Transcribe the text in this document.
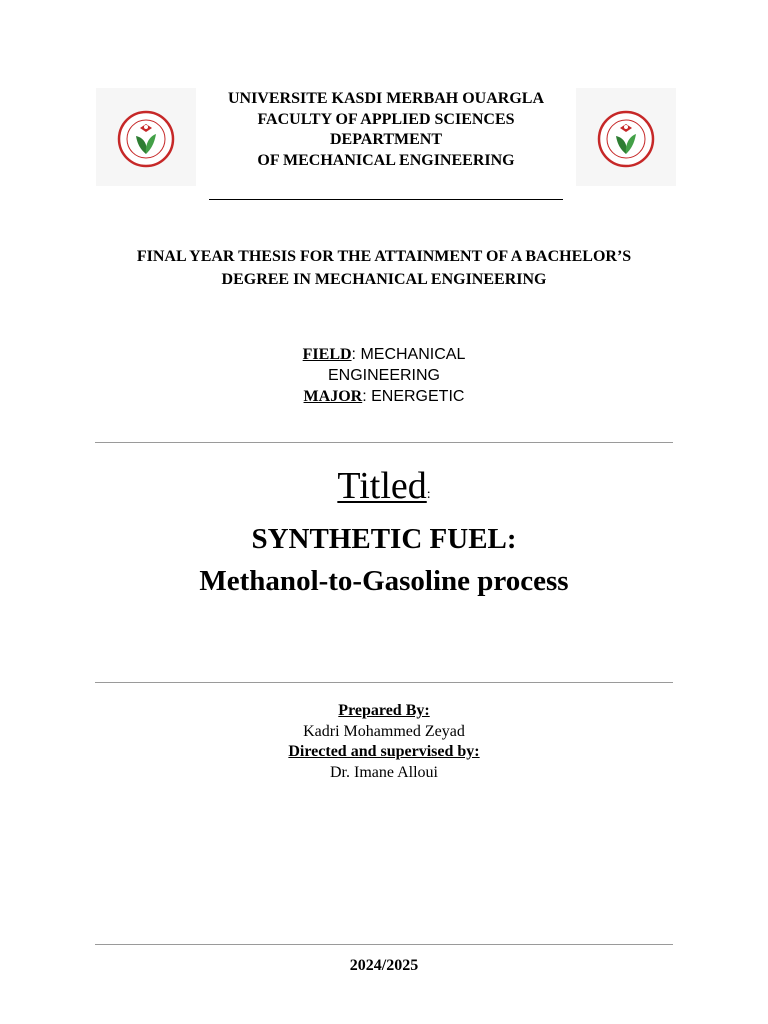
UNIVERSITE KASDI MERBAH OUARGLA
FACULTY OF APPLIED SCIENCES
DEPARTMENT
OF MECHANICAL ENGINEERING
FINAL YEAR THESIS FOR THE ATTAINMENT OF A BACHELOR’S
DEGREE IN MECHANICAL ENGINEERING
FIELD: MECHANICAL
ENGINEERING
MAJOR: ENERGETIC
Titled:
SYNTHETIC FUEL:
Methanol-to-Gasoline process
Prepared By:
Kadri Mohammed Zeyad
Directed and supervised by:
Dr. Imane Alloui
2024/2025
